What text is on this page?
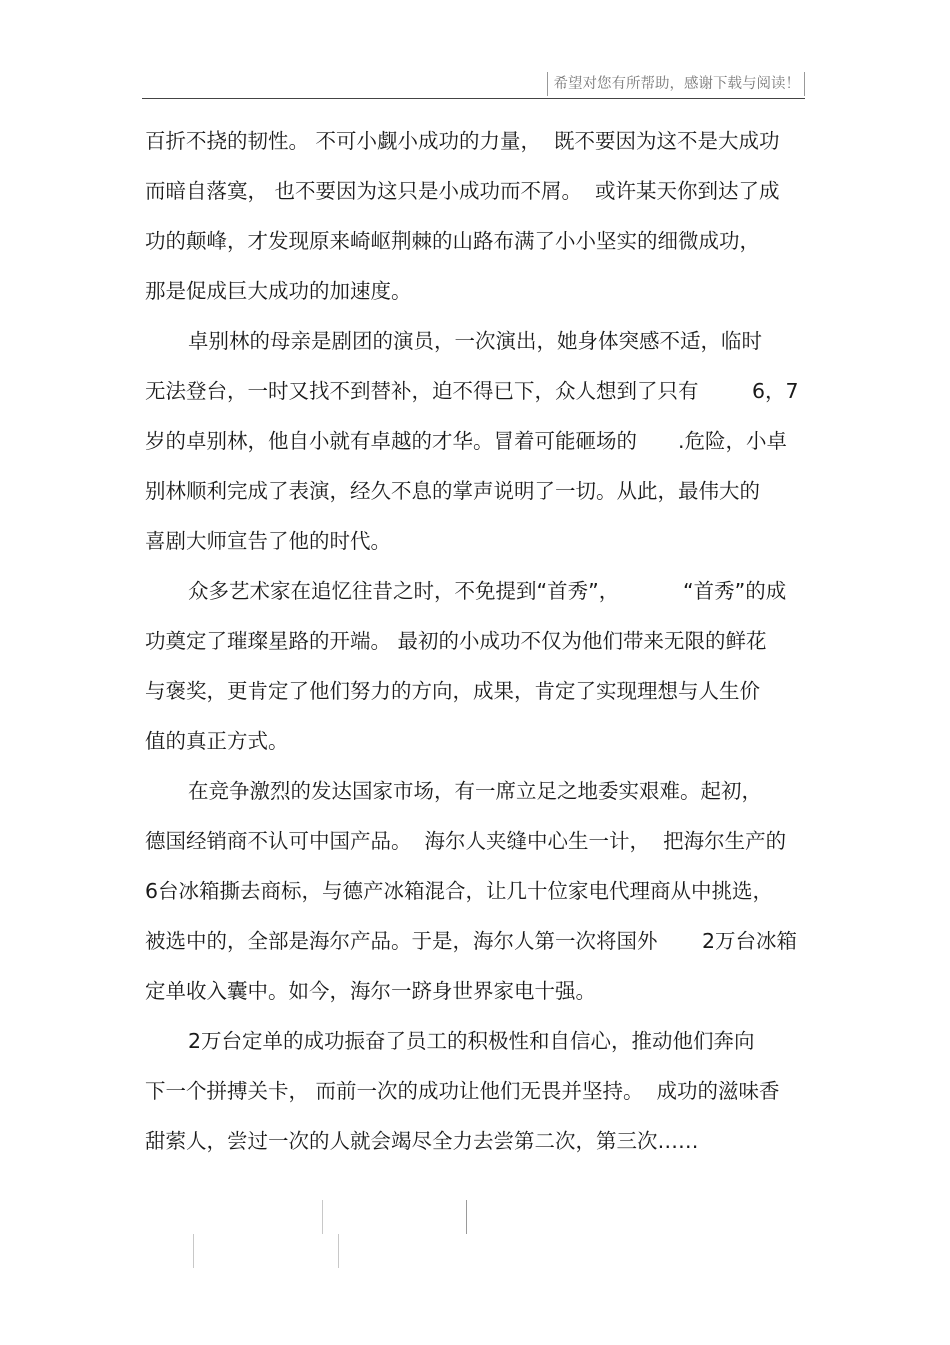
希望对您有所帮助，感谢下载与阅读！
百折不挠的韧性。 不可小觑小成功的力量，  既不要因为这不是大成功
而暗自落寞， 也不要因为这只是小成功而不屑。  或许某天你到达了成
功的颠峰，才发现原来崎岖荆棘的山路布满了小小坚实的细微成功，
那是促成巨大成功的加速度。
卓别林的母亲是剧团的演员，一次演出，她身体突感不适，临时
无法登台，一时又找不到替补，迫不得已下，众人想到了只有	6，7
岁的卓别林，他自小就有卓越的才华。冒着可能砸场的 .危险，小卓
别林顺利完成了表演，经久不息的掌声说明了一切。从此，最伟大的
喜剧大师宣告了他的时代。
众多艺术家在追忆往昔之时，不免提到“首秀”，	“首秀”的成
功奠定了璀璨星路的开端。 最初的小成功不仅为他们带来无限的鲜花
与褒奖，更肯定了他们努力的方向，成果，肯定了实现理想与人生价
值的真正方式。
在竞争激烈的发达国家市场，有一席立足之地委实艰难。起初，
德国经销商不认可中国产品。  海尔人夹缝中心生一计，  把海尔生产的
6台冰箱撕去商标，与德产冰箱混合，让几十位家电代理商从中挑选，
被选中的，全部是海尔产品。于是，海尔人第一次将国外 2万台冰箱
定单收入囊中。如今，海尔一跻身世界家电十强。
2万台定单的成功振奋了员工的积极性和自信心，推动他们奔向
下一个拼搏关卡， 而前一次的成功让他们无畏并坚持。  成功的滋味香
甜萦人，尝过一次的人就会竭尽全力去尝第二次，第三次……
